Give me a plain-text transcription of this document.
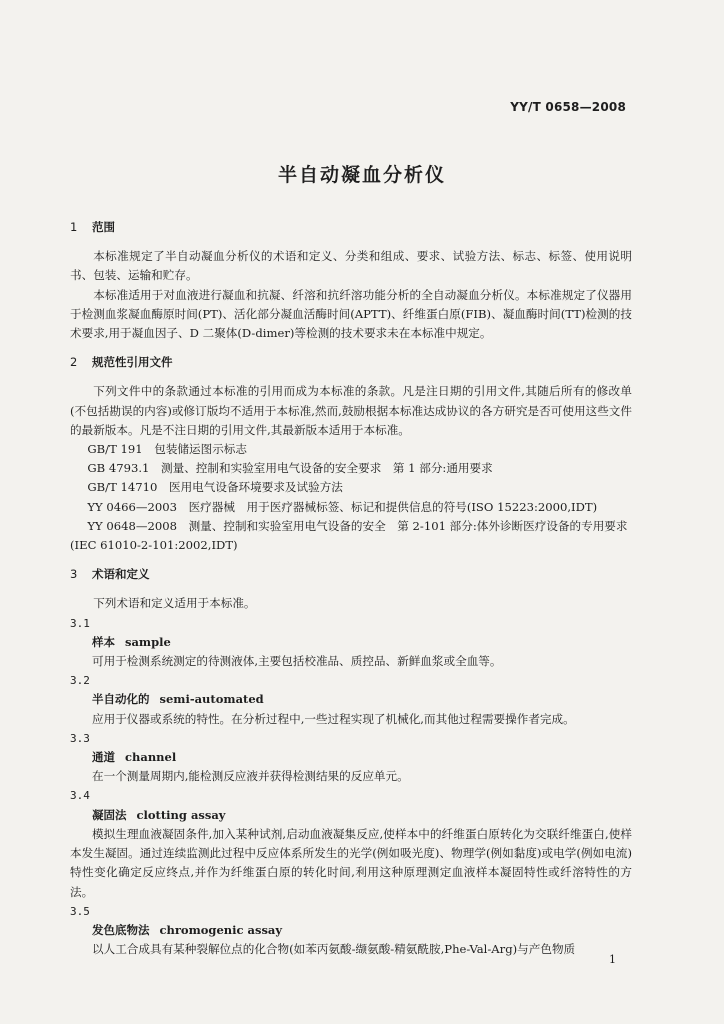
YY/T 0658—2008
半自动凝血分析仪

1 范围

本标准规定了半自动凝血分析仪的术语和定义、分类和组成、要求、试验方法、标志、标签、使用说明书、包装、运输和贮存。

本标准适用于对血液进行凝血和抗凝、纤溶和抗纤溶功能分析的全自动凝血分析仪。本标准规定了仪器用于检测血浆凝血酶原时间(PT)、活化部分凝血活酶时间(APTT)、纤维蛋白原(FIB)、凝血酶时间(TT)检测的技术要求,用于凝血因子、D 二聚体(D-dimer)等检测的技术要求未在本标准中规定。

2 规范性引用文件

下列文件中的条款通过本标准的引用而成为本标准的条款。凡是注日期的引用文件,其随后所有的修改单(不包括勘误的内容)或修订版均不适用于本标准,然而,鼓励根据本标准达成协议的各方研究是否可使用这些文件的最新版本。凡是不注日期的引用文件,其最新版本适用于本标准。

GB/T 191　包装储运图示标志

GB 4793.1　测量、控制和实验室用电气设备的安全要求　第 1 部分:通用要求

GB/T 14710　医用电气设备环境要求及试验方法

YY 0466—2003　医疗器械　用于医疗器械标签、标记和提供信息的符号(ISO 15223:2000,IDT)

YY 0648—2008　测量、控制和实验室用电气设备的安全　第 2-101 部分:体外诊断医疗设备的专用要求(IEC 61010-2-101:2002,IDT)

3 术语和定义

下列术语和定义适用于本标准。

3.1

样本 sample

可用于检测系统测定的待测液体,主要包括校准品、质控品、新鲜血浆或全血等。

3.2

半自动化的 semi-automated

应用于仪器或系统的特性。在分析过程中,一些过程实现了机械化,而其他过程需要操作者完成。

3.3

通道 channel

在一个测量周期内,能检测反应液并获得检测结果的反应单元。

3.4

凝固法 clotting assay

模拟生理血液凝固条件,加入某种试剂,启动血液凝集反应,使样本中的纤维蛋白原转化为交联纤维蛋白,使样本发生凝固。通过连续监测此过程中反应体系所发生的光学(例如吸光度)、物理学(例如黏度)或电学(例如电流)特性变化确定反应终点,并作为纤维蛋白原的转化时间,利用这种原理测定血液样本凝固特性或纤溶特性的方法。

3.5

发色底物法 chromogenic assay

以人工合成具有某种裂解位点的化合物(如苯丙氨酸-缬氨酸-精氨酰胺,Phe-Val-Arg)与产色物质

1
